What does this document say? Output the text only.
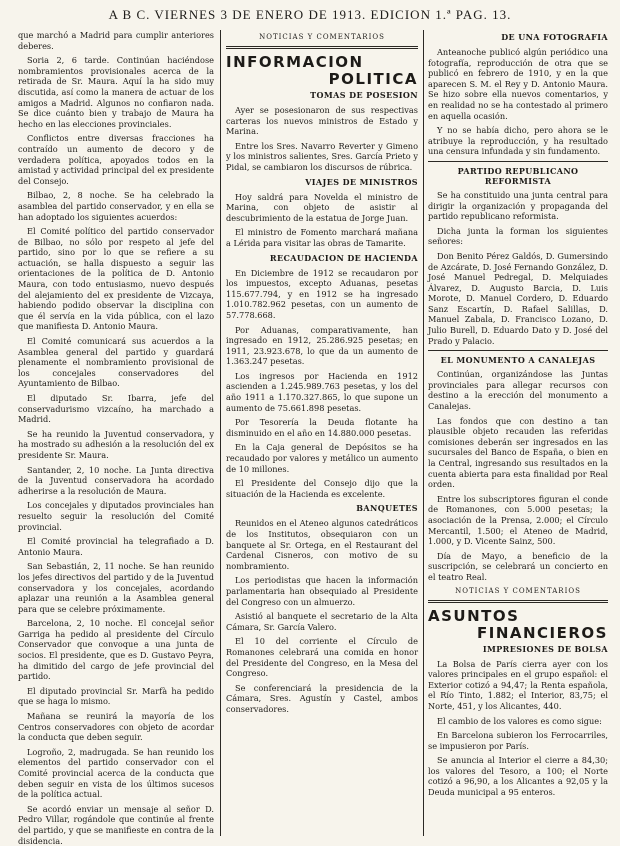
A B C. VIERNES 3 DE ENERO DE 1913. EDICION 1.ª PAG. 13.

que marchó a Madrid para cumplir anteriores deberes.

Soria 2, 6 tarde. Continúan haciéndose nombramientos provisionales acerca de la retirada de Sr. Maura. Aquí la ha sido muy discutida, así como la manera de actuar de los amigos a Madrid. Algunos no confiaron nada. Se dice cuánto bien y trabajo de Maura ha hecho en las elecciones provinciales.

Conflictos entre diversas fracciones ha contraído un aumento de decoro y de verdadera política, apoyados todos en la amistad y actividad principal del ex presidente del Consejo.

Bilbao, 2, 8 noche. Se ha celebrado la asamblea del partido conservador, y en ella se han adoptado los siguientes acuerdos:

El Comité político del partido conservador de Bilbao, no sólo por respeto al jefe del partido, sino por lo que se refiere a su actuación, se halla dispuesto a seguir las orientaciones de la política de D. Antonio Maura, con todo entusiasmo, nuevo después del alejamiento del ex presidente de Vizcaya, habiendo podido observar la disciplina con que él servía en la vida pública, con el lazo que manifiesta D. Antonio Maura.

El Comité comunicará sus acuerdos a la Asamblea general del partido y guardará plenamente el nombramiento provisional de los concejales conservadores del Ayuntamiento de Bilbao.

El diputado Sr. Ibarra, jefe del conservadurismo vizcaíno, ha marchado a Madrid.

Se ha reunido la Juventud conservadora, y ha mostrado su adhesión a la resolución del ex presidente Sr. Maura.

Santander, 2, 10 noche. La Junta directiva de la Juventud conservadora ha acordado adherirse a la resolución de Maura.

Los concejales y diputados provinciales han resuelto seguir la resolución del Comité provincial.

El Comité provincial ha telegrafiado a D. Antonio Maura.

San Sebastián, 2, 11 noche. Se han reunido los jefes directivos del partido y de la Juventud conservadora y los concejales, acordando aplazar una reunión a la Asamblea general para que se celebre próximamente.

Barcelona, 2, 10 noche. El concejal señor Garriga ha pedido al presidente del Círculo Conservador que convoque a una junta de socios. El presidente, que es D. Gustavo Peyra, ha dimitido del cargo de jefe provincial del partido.

El diputado provincial Sr. Marfà ha pedido que se haga lo mismo.

Mañana se reunirá la mayoría de los Centros conservadores con objeto de acordar la conducta que deben seguir.

Logroño, 2, madrugada. Se han reunido los elementos del partido conservador con el Comité provincial acerca de la conducta que deben seguir en vista de los últimos sucesos de la política actual.

Se acordó enviar un mensaje al señor D. Pedro Villar, rogándole que continúe al frente del partido, y que se manifieste en contra de la disidencia.

NOTICIAS Y COMENTARIOS
INFORMACION
POLITICA
TOMAS DE POSESION

Ayer se posesionaron de sus respectivas carteras los nuevos ministros de Estado y Marina.

Entre los Sres. Navarro Reverter y Gimeno y los ministros salientes, Sres. García Prieto y Pidal, se cambiaron los discursos de rúbrica.

VIAJES DE MINISTROS

Hoy saldrá para Novelda el ministro de Marina, con objeto de asistir al descubrimiento de la estatua de Jorge Juan.

El ministro de Fomento marchará mañana a Lérida para visitar las obras de Tamarite.

RECAUDACION DE HACIENDA

En Diciembre de 1912 se recaudaron por los impuestos, excepto Aduanas, pesetas 115.677.794, y en 1912 se ha ingresado 1.010.782.962 pesetas, con un aumento de 57.778.668.

Por Aduanas, comparativamente, han ingresado en 1912, 25.286.925 pesetas; en 1911, 23.923.678, lo que da un aumento de 1.363.247 pesetas.

Los ingresos por Hacienda en 1912 ascienden a 1.245.989.763 pesetas, y los del año 1911 a 1.170.327.865, lo que supone un aumento de 75.661.898 pesetas.

Por Tesorería la Deuda flotante ha disminuido en el año en 14.880.000 pesetas.

En la Caja general de Depósitos se ha recaudado por valores y metálico un aumento de 10 millones.

El Presidente del Consejo dijo que la situación de la Hacienda es excelente.

BANQUETES

Reunidos en el Ateneo algunos catedráticos de los Institutos, obsequiaron con un banquete al Sr. Ortega, en el Restaurant del Cardenal Cisneros, con motivo de su nombramiento.

Los periodistas que hacen la información parlamentaria han obsequiado al Presidente del Congreso con un almuerzo.

Asistió al banquete el secretario de la Alta Cámara, Sr. García Valero.

El 10 del corriente el Círculo de Romanones celebrará una comida en honor del Presidente del Congreso, en la Mesa del Congreso.

Se conferenciará la presidencia de la Cámara, Sres. Agustín y Castel, ambos conservadores.

DE UNA FOTOGRAFIA

Anteanoche publicó algún periódico una fotografía, reproducción de otra que se publicó en febrero de 1910, y en la que aparecen S. M. el Rey y D. Antonio Maura. Se hizo sobre ella nuevos comentarios, y en realidad no se ha contestado al primero en aquella ocasión.

Y no se había dicho, pero ahora se le atribuye la reproducción, y ha resultado una censura infundada y sin fundamento.

PARTIDO REPUBLICANO REFORMISTA

Se ha constituido una junta central para dirigir la organización y propaganda del partido republicano reformista.

Dicha junta la forman los siguientes señores:

Don Benito Pérez Galdós, D. Gumersindo de Azcárate, D. José Fernando González, D. José Manuel Pedregal, D. Melquiades Álvarez, D. Augusto Barcia, D. Luis Morote, D. Manuel Cordero, D. Eduardo Sanz Escartín, D. Rafael Salillas, D. Manuel Zabala, D. Francisco Lozano, D. Julio Burell, D. Eduardo Dato y D. José del Prado y Palacio.

EL MONUMENTO A CANALEJAS

Continúan, organizándose las Juntas provinciales para allegar recursos con destino a la erección del monumento a Canalejas.

Las fondos que con destino a tan plausible objeto recauden las referidas comisiones deberán ser ingresados en las sucursales del Banco de España, o bien en la Central, ingresando sus resultados en la cuenta abierta para esta finalidad por Real orden.

Entre los subscriptores figuran el conde de Romanones, con 5.000 pesetas; la asociación de la Prensa, 2.000; el Círculo Mercantil, 1.500; el Ateneo de Madrid, 1.000, y D. Vicente Sainz, 500.

Día de Mayo, a beneficio de la suscripción, se celebrará un concierto en el teatro Real.

NOTICIAS Y COMENTARIOS
ASUNTOS
FINANCIEROS
IMPRESIONES DE BOLSA

La Bolsa de París cierra ayer con los valores principales en el grupo español: el Exterior cotizó a 94,47; la Renta española, el Río Tinto, 1.882; el Interior, 83,75; el Norte, 451, y los Alicantes, 440.

El cambio de los valores es como sigue:

En Barcelona subieron los Ferrocarriles, se impusieron por París.

Se anuncia al Interior el cierre a 84,30; los valores del Tesoro, a 100; el Norte cotizó a 96,90, a los Alicantes a 92,05 y la Deuda municipal a 95 enteros.
